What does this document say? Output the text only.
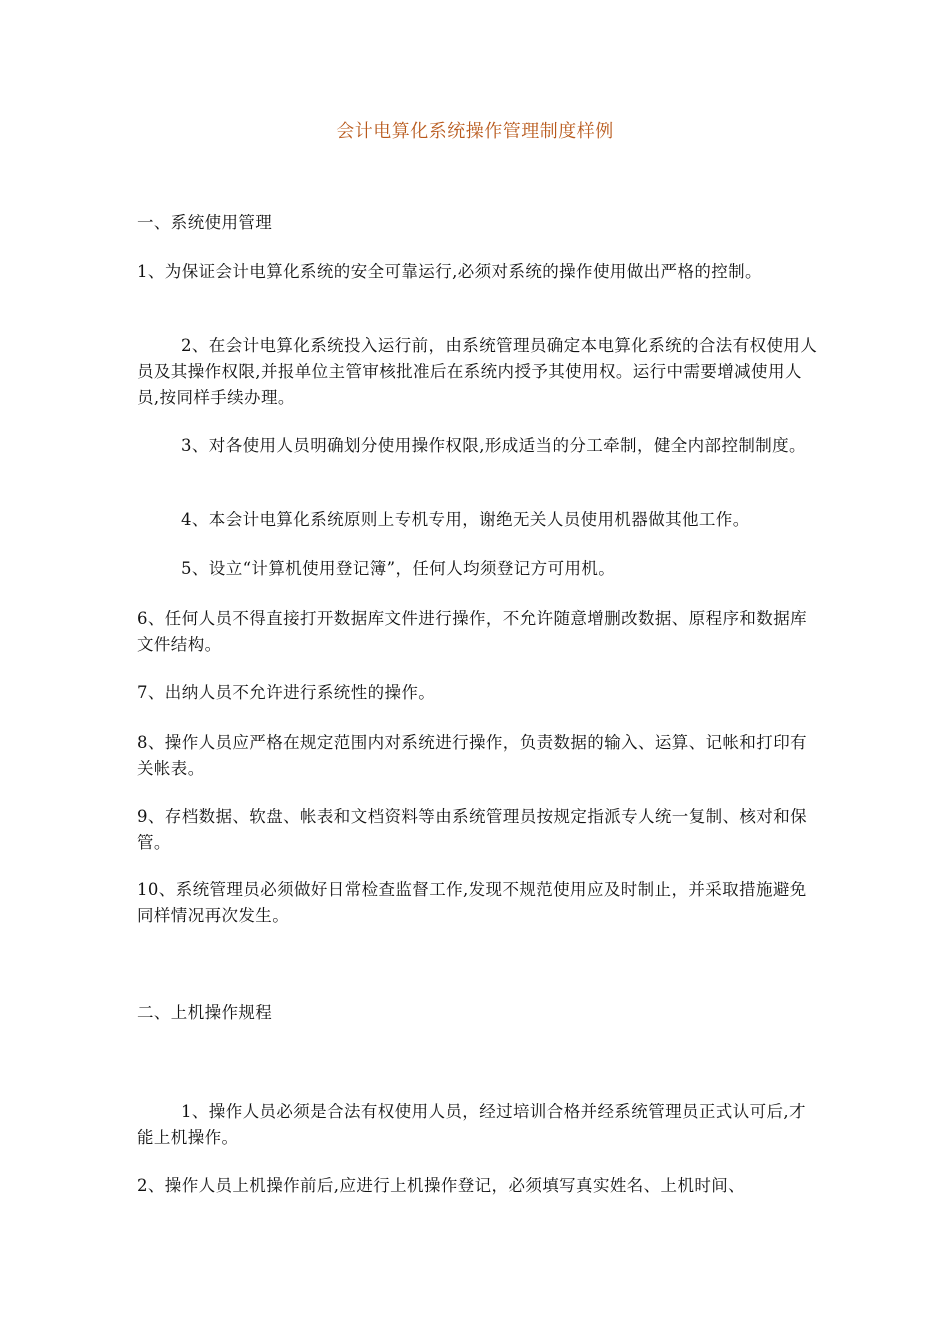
会计电算化系统操作管理制度样例

一、系统使用管理

1、为保证会计电算化系统的安全可靠运行,必须对系统的操作使用做出严格的控制。

2、在会计电算化系统投入运行前，由系统管理员确定本电算化系统的合法有权使用人员及其操作权限,并报单位主管审核批准后在系统内授予其使用权。运行中需要增减使用人员,按同样手续办理。

3、对各使用人员明确划分使用操作权限,形成适当的分工牵制，健全内部控制制度。

4、本会计电算化系统原则上专机专用，谢绝无关人员使用机器做其他工作。

5、设立“计算机使用登记簿”，任何人均须登记方可用机。

6、任何人员不得直接打开数据库文件进行操作，不允许随意增删改数据、原程序和数据库文件结构。

7、出纳人员不允许进行系统性的操作。

8、操作人员应严格在规定范围内对系统进行操作，负责数据的输入、运算、记帐和打印有关帐表。

9、存档数据、软盘、帐表和文档资料等由系统管理员按规定指派专人统一复制、核对和保管。

10、系统管理员必须做好日常检查监督工作,发现不规范使用应及时制止，并采取措施避免同样情况再次发生。

二、上机操作规程

1、操作人员必须是合法有权使用人员，经过培训合格并经系统管理员正式认可后,才能上机操作。

2、操作人员上机操作前后,应进行上机操作登记，必须填写真实姓名、上机时间、
